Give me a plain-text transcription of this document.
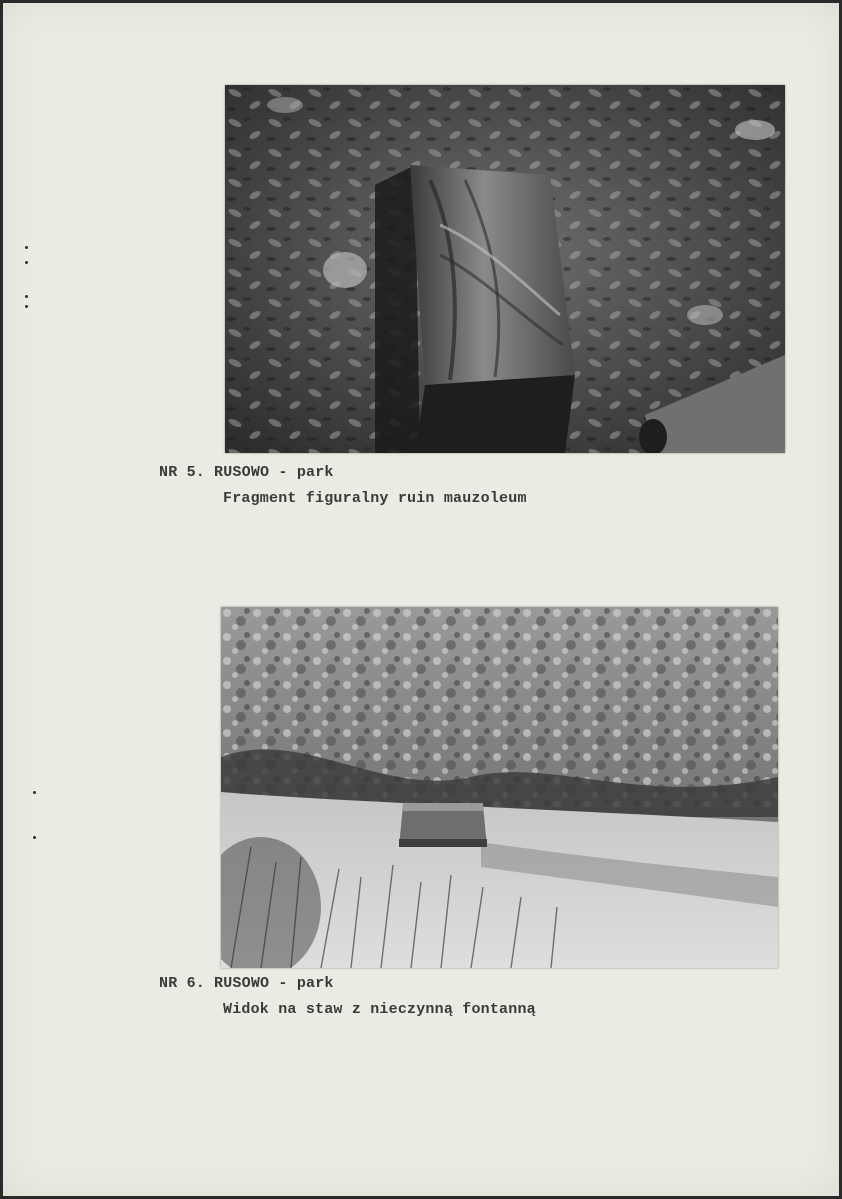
NR 5. RUSOWO - park
Fragment figuralny ruin mauzoleum
NR 6. RUSOWO - park
Widok na staw z nieczynną fontanną
